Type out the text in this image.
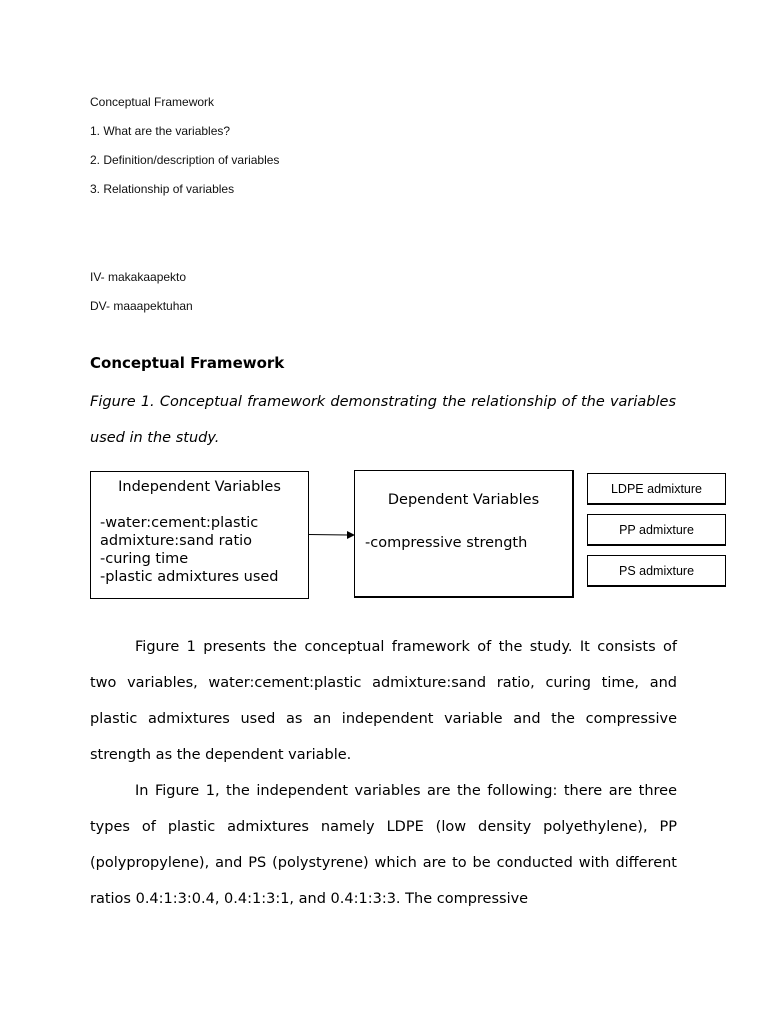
Conceptual Framework
1. What are the variables?
2. Definition/description of variables
3. Relationship of variables
IV- makakaapekto
DV- maaapektuhan
Conceptual Framework
Figure 1. Conceptual framework demonstrating the relationship of the variables used in the study.
Independent Variables
-water:cement:plastic
admixture:sand ratio
-curing time
-plastic admixtures used
Dependent Variables
-compressive strength
LDPE admixture
PP admixture
PS admixture
Figure 1 presents the conceptual framework of the study. It consists of two variables, water:cement:plastic admixture:sand ratio, curing time, and plastic admixtures used as an independent variable and the compressive strength as the dependent variable.
In Figure 1, the independent variables are the following: there are three types of plastic admixtures namely LDPE (low density polyethylene), PP (polypropylene), and PS (polystyrene) which are to be conducted with different ratios 0.4:1:3:0.4, 0.4:1:3:1, and 0.4:1:3:3. The compressive
